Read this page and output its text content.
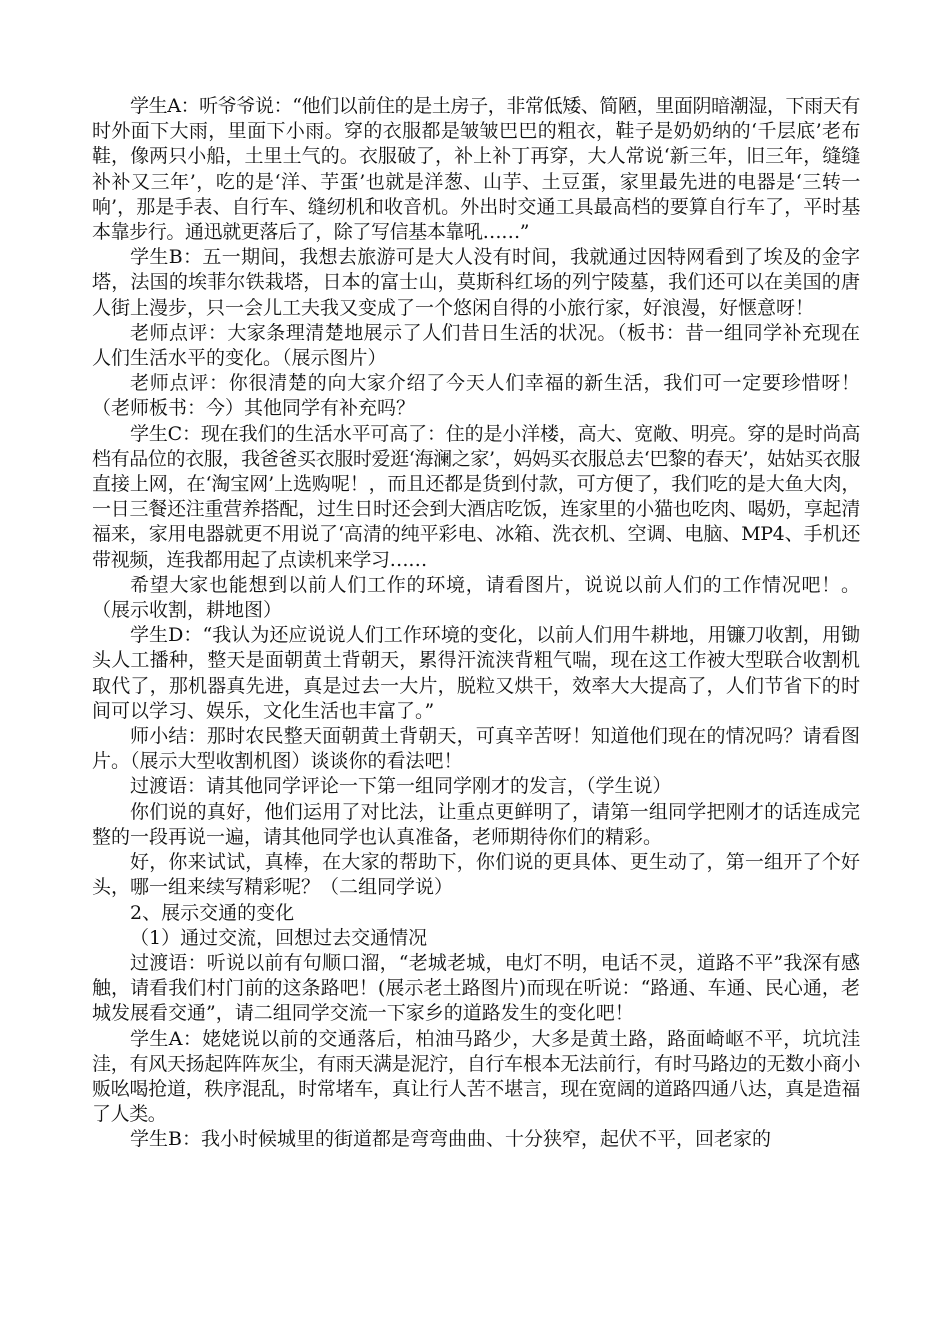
学生A：听爷爷说：“他们以前住的是土房子，非常低矮、简陋，里面阴暗潮湿，下雨天有时外面下大雨，里面下小雨。穿的衣服都是皱皱巴巴的粗衣，鞋子是奶奶纳的‘千层底’老布鞋，像两只小船，土里土气的。衣服破了，补上补丁再穿，大人常说‘新三年，旧三年，缝缝补补又三年’，吃的是‘洋、芋蛋’也就是洋葱、山芋、土豆蛋，家里最先进的电器是‘三转一响’，那是手表、自行车、缝纫机和收音机。外出时交通工具最高档的要算自行车了，平时基本靠步行。通迅就更落后了，除了写信基本靠吼……”

学生B：五一期间，我想去旅游可是大人没有时间，我就通过因特网看到了埃及的金字塔，法国的埃菲尔铁栽塔，日本的富士山，莫斯科红场的列宁陵墓，我们还可以在美国的唐人街上漫步，只一会儿工夫我又变成了一个悠闲自得的小旅行家，好浪漫，好惬意呀！

老师点评：大家条理清楚地展示了人们昔日生活的状况。（板书：昔一组同学补充现在人们生活水平的变化。（展示图片）

老师点评：你很清楚的向大家介绍了今天人们幸福的新生活，我们可一定要珍惜呀！（老师板书：今）其他同学有补充吗？

学生C：现在我们的生活水平可高了：住的是小洋楼，高大、宽敞、明亮。穿的是时尚高档有品位的衣服，我爸爸买衣服时爱逛‘海澜之家’，妈妈买衣服总去‘巴黎的春天’，姑姑买衣服直接上网，在‘淘宝网’上选购呢！，而且还都是货到付款，可方便了，我们吃的是大鱼大肉，一日三餐还注重营养搭配，过生日时还会到大酒店吃饭，连家里的小猫也吃肉、喝奶，享起清福来，家用电器就更不用说了‘高清的纯平彩电、冰箱、洗衣机、空调、电脑、MP4、手机还带视频，连我都用起了点读机来学习……

希望大家也能想到以前人们工作的环境，请看图片，说说以前人们的工作情况吧！。（展示收割，耕地图）

学生D：“我认为还应说说人们工作环境的变化，以前人们用牛耕地，用镰刀收割，用锄头人工播种，整天是面朝黄土背朝天，累得汗流浃背粗气喘，现在这工作被大型联合收割机取代了，那机器真先进，真是过去一大片，脱粒又烘干，效率大大提高了，人们节省下的时间可以学习、娱乐，文化生活也丰富了。”

师小结：那时农民整天面朝黄土背朝天，可真辛苦呀！知道他们现在的情况吗？请看图片。（展示大型收割机图）谈谈你的看法吧！

过渡语：请其他同学评论一下第一组同学刚才的发言，（学生说）

你们说的真好，他们运用了对比法，让重点更鲜明了，请第一组同学把刚才的话连成完整的一段再说一遍，请其他同学也认真准备，老师期待你们的精彩。

好，你来试试，真棒，在大家的帮助下，你们说的更具体、更生动了，第一组开了个好头，哪一组来续写精彩呢？（二组同学说）

2、展示交通的变化

（1）通过交流，回想过去交通情况

过渡语：听说以前有句顺口溜，“老城老城，电灯不明，电话不灵，道路不平”我深有感触，请看我们村门前的这条路吧！(展示老土路图片)而现在听说：“路通、车通、民心通，老城发展看交通”，请二组同学交流一下家乡的道路发生的变化吧！

学生A：姥姥说以前的交通落后，柏油马路少，大多是黄土路，路面崎岖不平，坑坑洼洼，有风天扬起阵阵灰尘，有雨天满是泥泞，自行车根本无法前行，有时马路边的无数小商小贩吆喝抢道，秩序混乱，时常堵车，真让行人苦不堪言，现在宽阔的道路四通八达，真是造福了人类。

学生B：我小时候城里的街道都是弯弯曲曲、十分狭窄，起伏不平，回老家的
